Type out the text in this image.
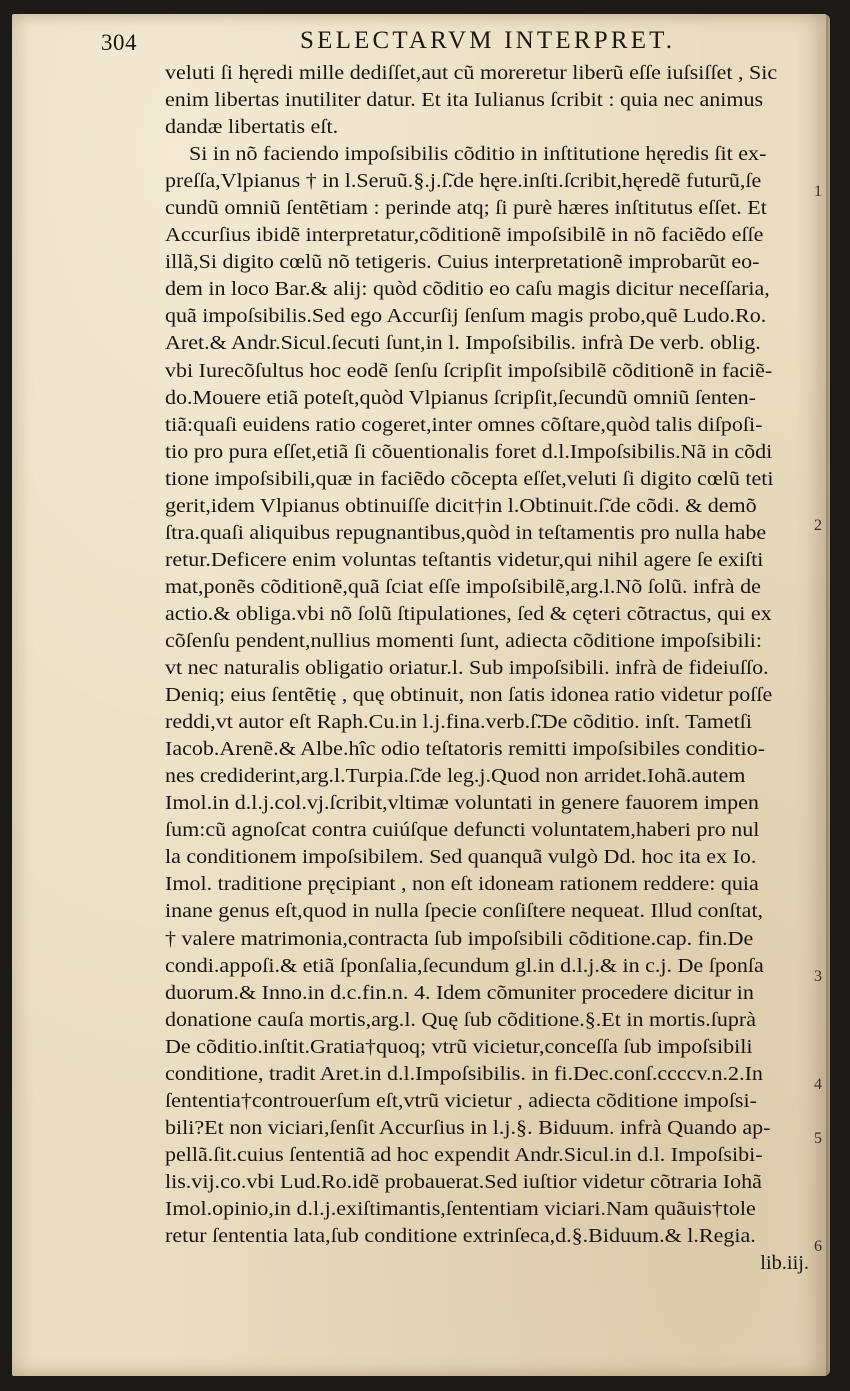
304	SELECTARVM INTERPRET.
veluti ſi hęredi mille dediſſet,aut cũ moreretur liberũ eſſe iuſsiſſet , Sic
enim libertas inutiliter datur. Et ita Iulianus ſcribit : quia nec animus
dandæ libertatis eſt.
Si in nõ faciendo impoſsibilis cõditio in inſtitutione hęredis ſit ex-
preſſa,Vlpianus † in l.Seruũ.§.j.ſ̃.de hęre.inſti.ſcribit,hęredẽ futurũ,ſe
cundũ omniũ ſentẽtiam : perinde atq; ſi purè hæres inſtitutus eſſet. Et
Accurſius ibidẽ interpretatur,cõditionẽ impoſsibilẽ in nõ faciẽdo eſſe
illã,Si digito cœlũ nõ tetigeris. Cuius interpretationẽ improbarũt eo-
dem in loco Bar.& alij: quòd cõditio eo caſu magis dicitur neceſſaria,
quã impoſsibilis.Sed ego Accurſij ſenſum magis probo,quẽ Ludo.Ro.
Aret.& Andr.Sicul.ſecuti ſunt,in l. Impoſsibilis. infrà De verb. oblig.
vbi Iurecõſultus hoc eodẽ ſenſu ſcripſit impoſsibilẽ cõditionẽ in faciẽ-
do.Mouere etiã poteſt,quòd Vlpianus ſcripſit,ſecundũ omniũ ſenten-
tiã:quaſi euidens ratio cogeret,inter omnes cõſtare,quòd talis diſpoſi-
tio pro pura eſſet,etiã ſi cõuentionalis foret d.l.Impoſsibilis.Nã in cõdi
tione impoſsibili,quæ in faciẽdo cõcepta eſſet,veluti ſi digito cœlũ teti
gerit,idem Vlpianus obtinuiſſe dicit†in l.Obtinuit.ſ̃.de cõdi. & demõ
ſtra.quaſi aliquibus repugnantibus,quòd in teſtamentis pro nulla habe
retur.Deficere enim voluntas teſtantis videtur,qui nihil agere ſe exiſti
mat,ponẽs cõditionẽ,quã ſciat eſſe impoſsibilẽ,arg.l.Nõ ſolũ. infrà de
actio.& obliga.vbi nõ ſolũ ſtipulationes, ſed & cęteri cõtractus, qui ex
cõſenſu pendent,nullius momenti ſunt, adiecta cõditione impoſsibili:
vt nec naturalis obligatio oriatur.l. Sub impoſsibili. infrà de fideiuſſo.
Deniq; eius ſentẽtię , quę obtinuit, non ſatis idonea ratio videtur poſſe
reddi,vt autor eſt Raph.Cu.in l.j.fina.verb.ſ̃.De cõditio. inſt. Tametſi
Iacob.Arenẽ.& Albe.hîc odio teſtatoris remitti impoſsibiles conditio-
nes crediderint,arg.l.Turpia.ſ̃.de leg.j.Quod non arridet.Iohã.autem
Imol.in d.l.j.col.vj.ſcribit,vltimæ voluntati in genere fauorem impen
ſum:cũ agnoſcat contra cuiúſque defuncti voluntatem,haberi pro nul
la conditionem impoſsibilem. Sed quanquã vulgò Dd. hoc ita ex Io.
Imol. traditione pręcipiant , non eſt idoneam rationem reddere: quia
inane genus eſt,quod in nulla ſpecie conſiſtere nequeat. Illud conſtat,
† valere matrimonia,contracta ſub impoſsibili cõditione.cap. fin.De
condi.appoſi.& etiã ſponſalia,ſecundum gl.in d.l.j.& in c.j. De ſponſa
duorum.& Inno.in d.c.fin.n. 4. Idem cõmuniter procedere dicitur in
donatione cauſa mortis,arg.l. Quę ſub cõditione.§.Et in mortis.ſuprà
De cõditio.inſtit.Gratia†quoq; vtrũ vicietur,conceſſa ſub impoſsibili
conditione, tradit Aret.in d.l.Impoſsibilis. in fi.Dec.conſ.ccccv.n.2.In
ſententia†controuerſum eſt,vtrũ vicietur , adiecta cõditione impoſsi-
bili?Et non viciari,ſenſit Accurſius in l.j.§. Biduum. infrà Quando ap-
pellã.ſit.cuius ſententiã ad hoc expendit Andr.Sicul.in d.l. Impoſsibi-
lis.vij.co.vbi Lud.Ro.idẽ probauerat.Sed iuſtior videtur cõtraria Iohã
Imol.opinio,in d.l.j.exiſtimantis,ſententiam viciari.Nam quãuis†tole
retur ſententia lata,ſub conditione extrinſeca,d.§.Biduum.& l.Regia.
lib.iij.
1
2
3
4
5
6
